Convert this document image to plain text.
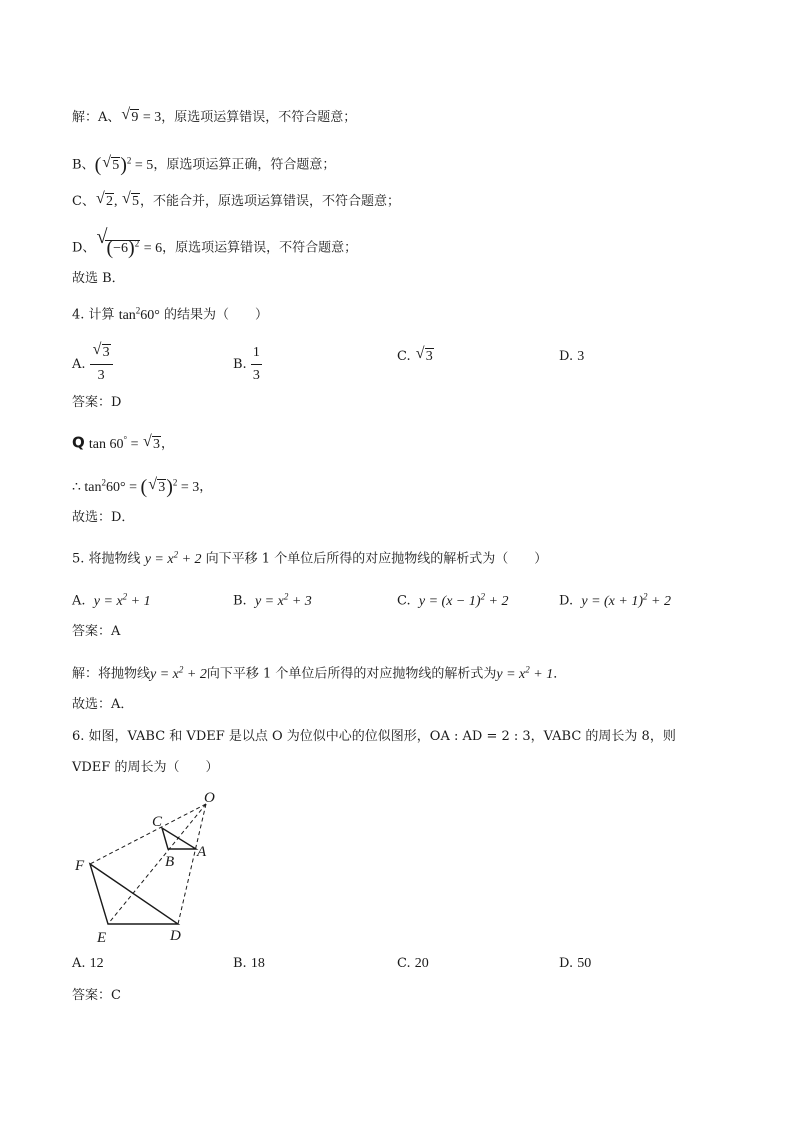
解：A、 √ 9 = 3，原选项运算错误，不符合题意；
B、( √ 5)$^2$ = 5，原选项运算正确，符合题意；
C、 √ 2, √ 5，不能合并，原选项运算错误，不符合题意；
D、
√ $(-6)^2 = 6$，原选项运算错误，不符合题意；
故选 B．
4. 计算 $\tan^260^\circ$ 的结果为（　　）
A. $\frac{√ 3}{3}$	B. $\frac{1}{3}$	C. √ 3	D. 3
答案：D
Q tan 60° = √ 3，
∴ $\tan^260^\circ$ = ( √ 3)$^2$ = 3，
故选：D．
5. 将抛物线 $y = x^2 + 2$ 向下平移 1 个单位后所得的对应抛物线的解析式为（　　）
A. $y = x^2 + 1$	B. $y = x^2 + 3$	C. $y = (x - 1)^2 + 2$	D. $y = (x + 1)^2 + 2$
答案：A
解：将抛物线$y = x^2 + 2$向下平移 1 个单位后所得的对应抛物线的解析式为$y = x^2 + 1$．
故选：A．
6. 如图，VABC 和 VDEF 是以点 O 为位似中心的位似图形，OA : AD = 2 : 3，VABC 的周长为 8，则
VDEF 的周长为（　　）
O
C
B
A
F
E	D
A. 12	B. 18	C. 20	D. 50
答案：C
